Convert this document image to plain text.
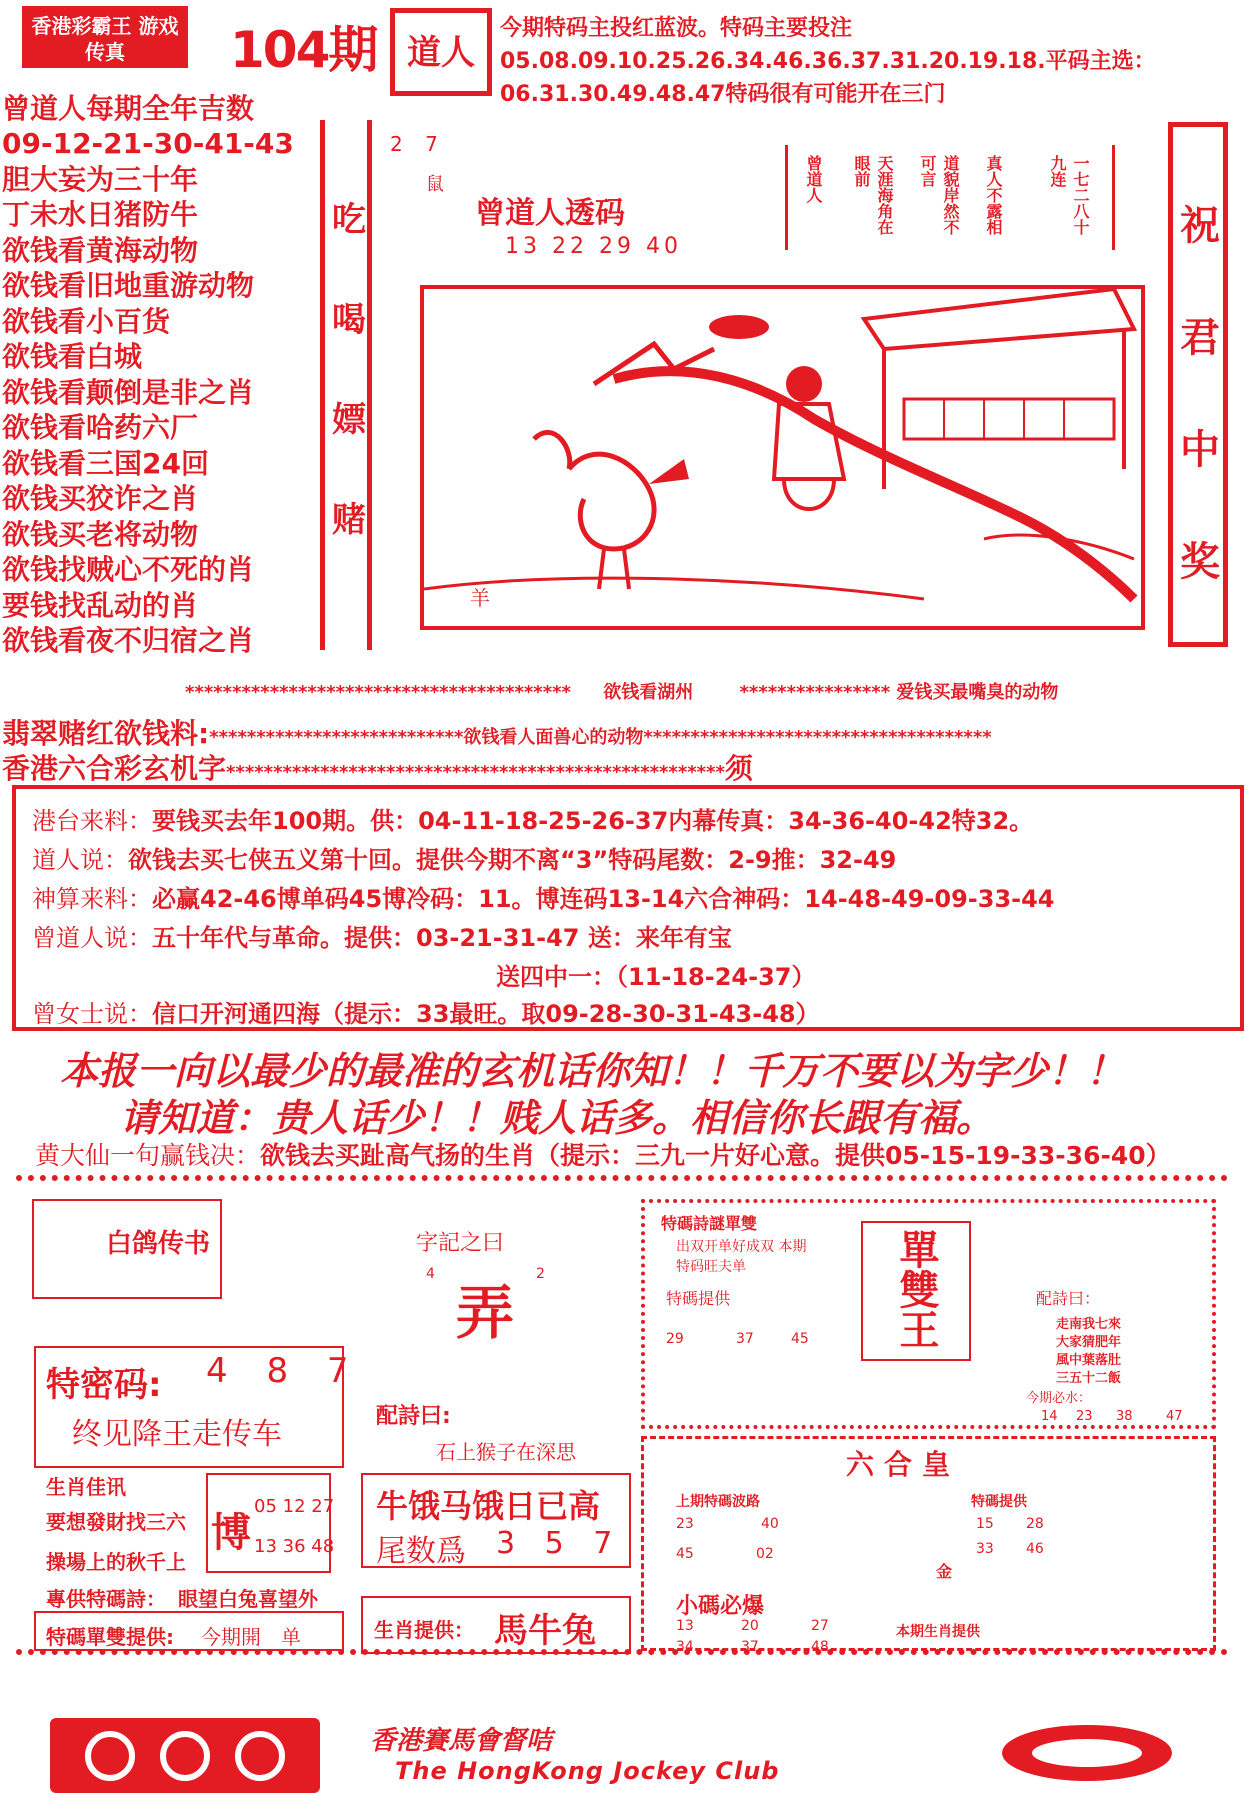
香港彩霸王 游戏传真	104期 道人
今期特码主投红蓝波。特码主要投注05.08.09.10.25.26.34.46.36.37.31.20.19.18.平码主选：06.31.30.49.48.47特码很有可能开在三门
曾道人每期全年吉数
09-12-21-30-41-43
胆大妄为三十年
丁未水日猪防牛
欲钱看黄海动物
欲钱看旧地重游动物
欲钱看小百货
欲钱看白城
欲钱看颠倒是非之肖
欲钱看哈药六厂
欲钱看三国24回
欲钱买狡诈之肖
欲钱买老将动物
欲钱找贼心不死的肖
要钱找乱动的肖
欲钱看夜不归宿之肖
吃
喝
嫖
赌
祝
君
中
奖
2 7
鼠
曾道人透码
13 22 29 40
曾道人	天涯海角在眼前	道貌岸然不可言	真人不露相	一七二八十九连
羊
***************************************** 欲钱看湖州	**************** 爱钱买最嘴臭的动物
翡翠赌红欲钱料:***************************欲钱看人面兽心的动物*************************************
香港六合彩玄机字*****************************************************须
港台来料：要钱买去年100期。供：04-11-18-25-26-37内幕传真：34-36-40-42特32。
道人说：欲钱去买七侠五义第十回。提供今期不离“3”特码尾数：2-9推：32-49
神算来料：必赢42-46博单码45博冷码：11。博连码13-14六合神码：14-48-49-09-33-44
曾道人说：五十年代与革命。提供：03-21-31-47 送：来年有宝
送四中一：（11-18-24-37）
曾女士说：信口开河通四海（提示：33最旺。取09-28-30-31-43-48）
本报一向以最少的最准的玄机话你知！！千万不要以为字少！！
请知道：贵人话少！！贱人话多。相信你长跟有福。
黄大仙一句赢钱决：欲钱去买趾高气扬的生肖（提示：三九一片好心意。提供05-15-19-33-36-40）
白鸽传书	字記之曰
4	2
弄
特密码: 4 8 7
终见降王走传车
配詩曰:
石上猴子在深思
生肖佳讯
要想發財找三六
操場上的秋千上
博
05 12 27
13 36 48
牛饿马饿日已高
尾数爲 3 5 7
專供特碼詩： 眼望白兔喜望外
特碼單雙提供: 今期開　单	生肖提供： 馬牛兔
特碼詩謎單雙
出双开单好成双 本期特码旺夫单
特碼提供
29	37	45 單雙王	配詩曰：
走南我七來
大家猜肥年
風中葉落肚
三五十二飯
今期必水：
14 23 38	47
六合皇
上期特碼波路
23	40
45	02
特碼提供
15 28
33 46
金
小碼必爆
13	20	27
34	37	48
本期生肖提供
香港賽馬會督咭
The HongKong Jockey Club
